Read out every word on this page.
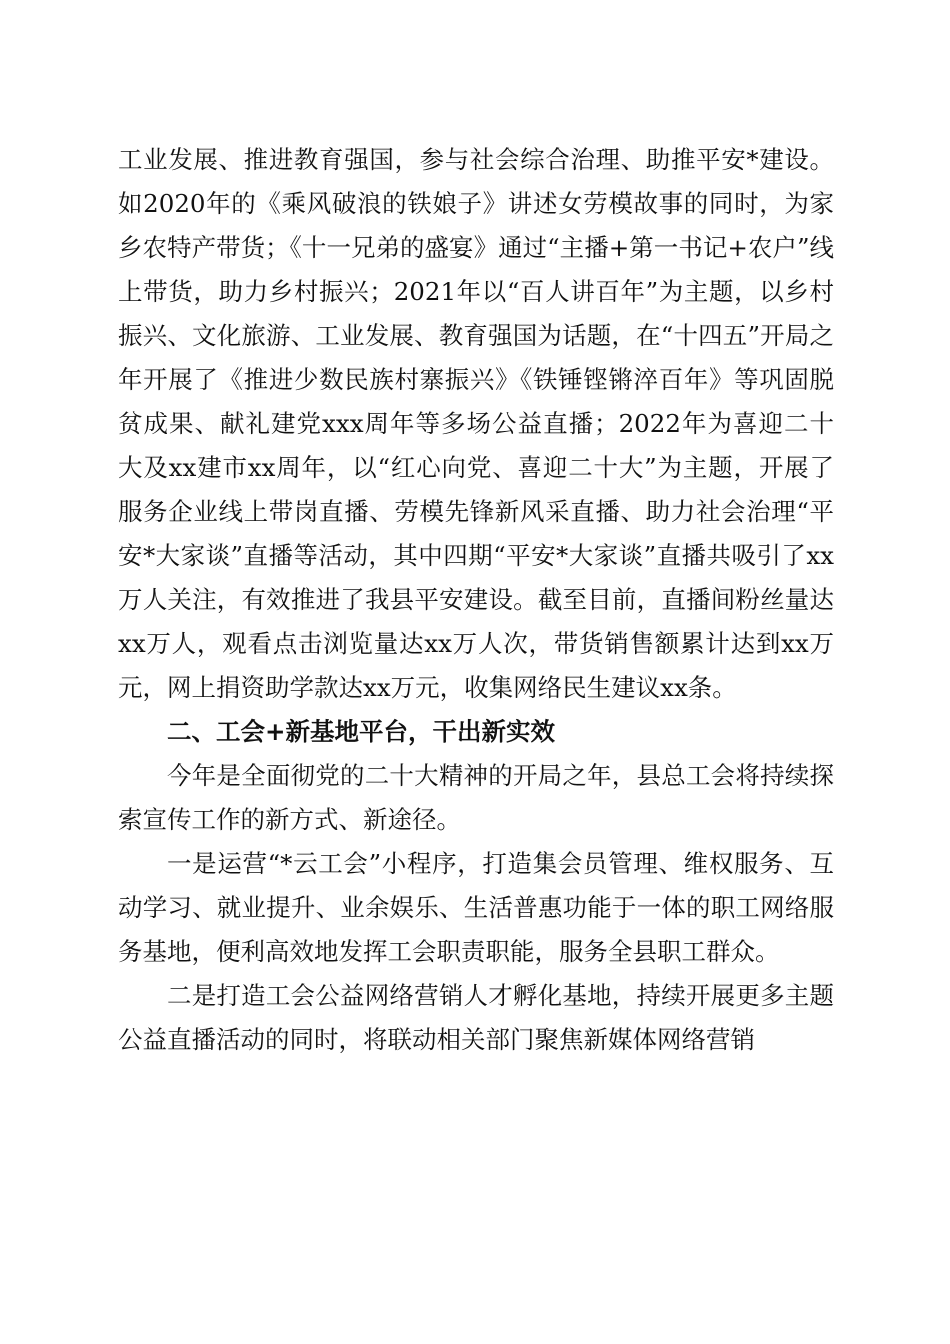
工业发展、推进教育强国，参与社会综合治理、助推平安*建设。如2020年的《乘风破浪的铁娘子》讲述女劳模故事的同时，为家乡农特产带货；《十一兄弟的盛宴》通过“主播+第一书记+农户”线上带货，助力乡村振兴；2021年以“百人讲百年”为主题，以乡村振兴、文化旅游、工业发展、教育强国为话题，在“十四五”开局之年开展了《推进少数民族村寨振兴》《铁锤铿锵淬百年》等巩固脱贫成果、献礼建党xxx周年等多场公益直播；2022年为喜迎二十大及xx建市xx周年，以“红心向党、喜迎二十大”为主题，开展了服务企业线上带岗直播、劳模先锋新风采直播、助力社会治理“平安*大家谈”直播等活动，其中四期“平安*大家谈”直播共吸引了xx万人关注，有效推进了我县平安建设。截至目前，直播间粉丝量达xx万人，观看点击浏览量达xx万人次，带货销售额累计达到xx万元，网上捐资助学款达xx万元，收集网络民生建议xx条。

二、工会+新基地平台，干出新实效

今年是全面彻党的二十大精神的开局之年，县总工会将持续探索宣传工作的新方式、新途径。

一是运营“*云工会”小程序，打造集会员管理、维权服务、互动学习、就业提升、业余娱乐、生活普惠功能于一体的职工网络服务基地，便利高效地发挥工会职责职能，服务全县职工群众。

二是打造工会公益网络营销人才孵化基地，持续开展更多主题公益直播活动的同时，将联动相关部门聚焦新媒体网络营销
